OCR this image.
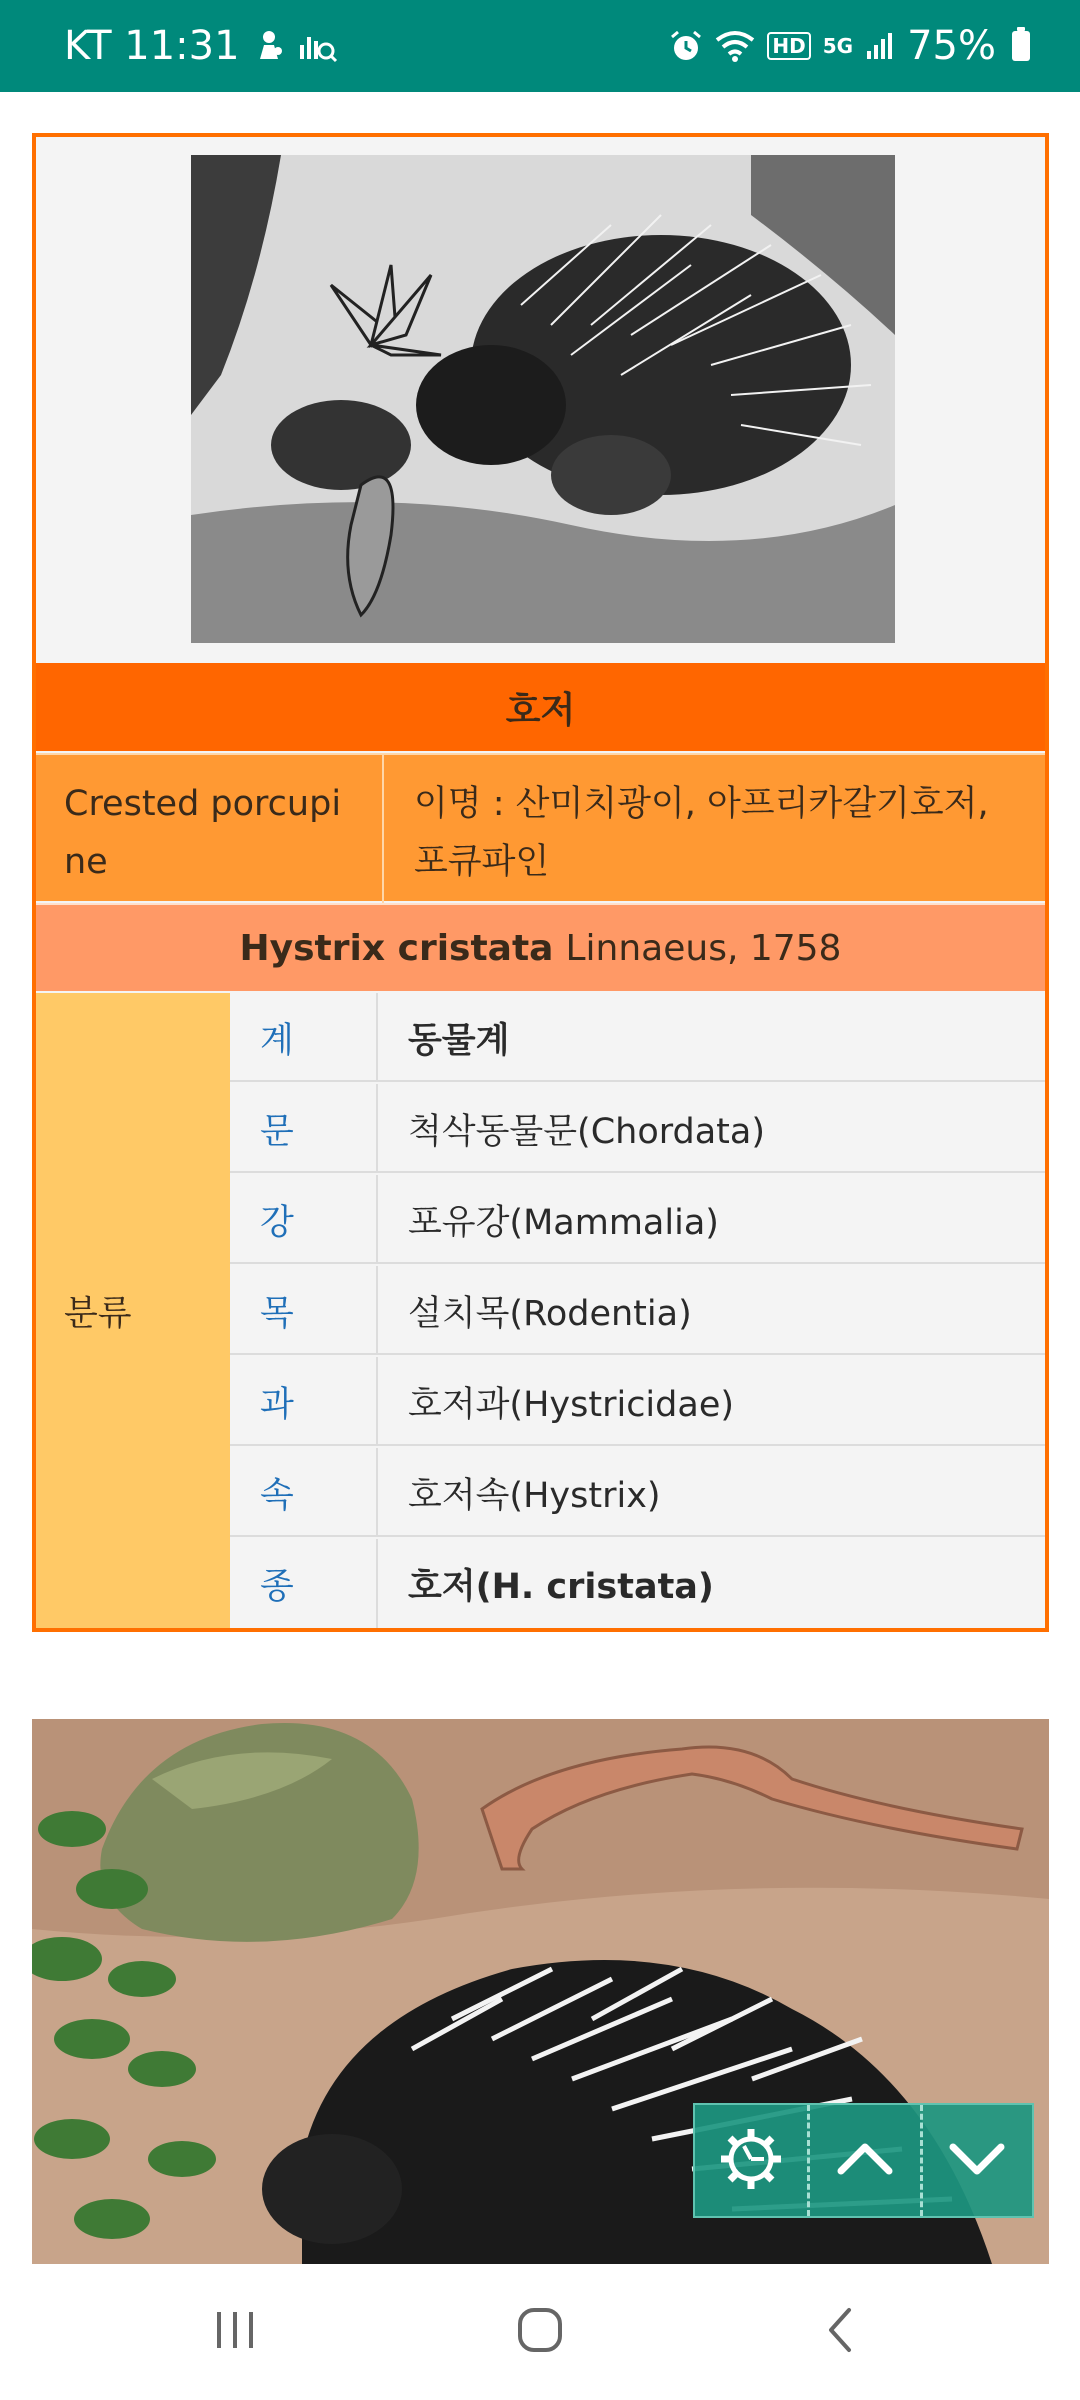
KT 11:31	HD 5G 75%
호저
Crested porcupine
이명 : 산미치광이, 아프리카갈기호저, 포큐파인
Hystrix cristata Linnaeus, 1758
분류
계	동물계
문	척삭동물문(Chordata)
강	포유강(Mammalia)
목	설치목(Rodentia)
과	호저과(Hystricidae)
속	호저속(Hystrix)
종	호저(H. cristata)
